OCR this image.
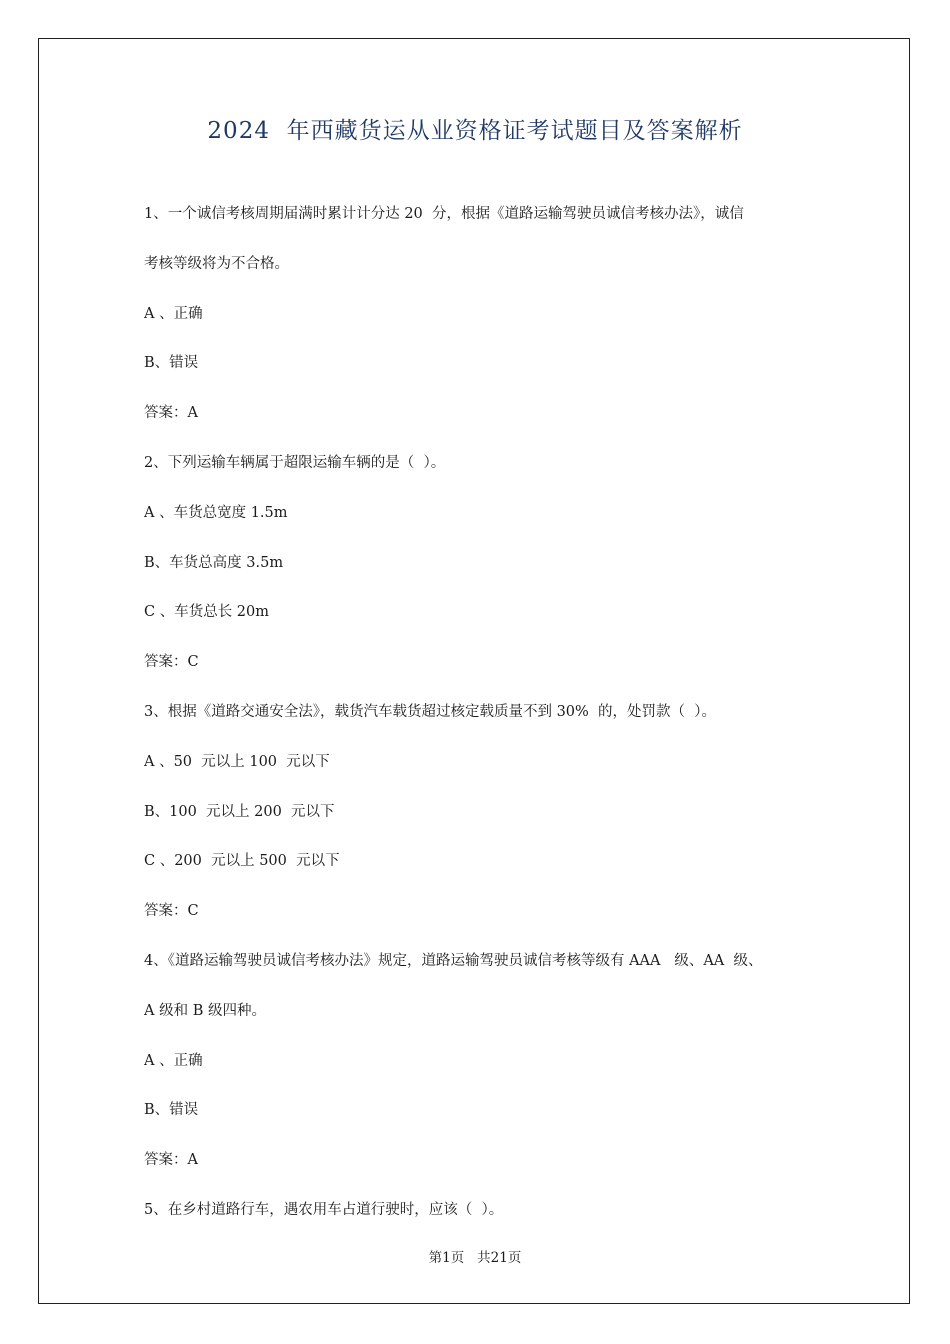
2024  年西藏货运从业资格证考试题目及答案解析
1、一个诚信考核周期届满时累计计分达 20  分，根据《道路运输驾驶员诚信考核办法》，诚信
考核等级将为不合格。
A 、正确
B、错误
答案：A
2、下列运输车辆属于超限运输车辆的是（  ）。
A 、车货总宽度 1.5m
B、车货总高度 3.5m
C 、车货总长 20m
答案：C
3、根据《道路交通安全法》，载货汽车载货超过核定载质量不到 30%  的，处罚款（  ）。
A 、50  元以上 100  元以下
B、100  元以上 200  元以下
C 、200  元以上 500  元以下
答案：C
4、《道路运输驾驶员诚信考核办法》规定，道路运输驾驶员诚信考核等级有 AAA   级、AA  级、
A 级和 B 级四种。
A 、正确
B、错误
答案：A
5、在乡村道路行车，遇农用车占道行驶时，应该（  ）。
第1页   共21页
